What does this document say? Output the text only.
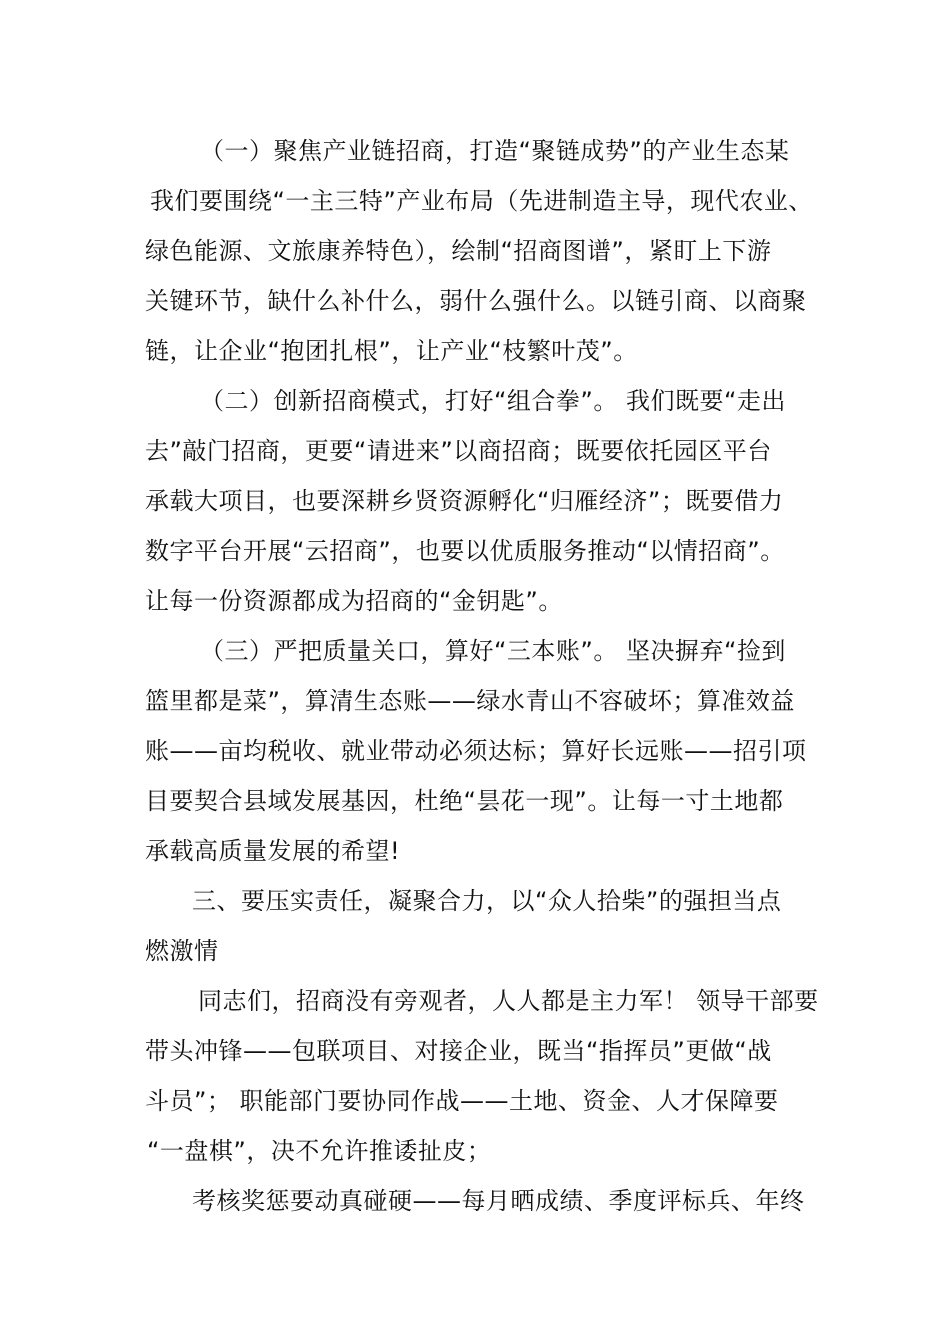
（一）聚焦产业链招商，打造“聚链成势”的产业生态某
我们要围绕“一主三特”产业布局（先进制造主导，现代农业、
绿色能源、文旅康养特色），绘制“招商图谱”，紧盯上下游
关键环节，缺什么补什么，弱什么强什么。以链引商、以商聚
链，让企业“抱团扎根”，让产业“枝繁叶茂”。
（二）创新招商模式，打好“组合拳”。 我们既要“走出
去”敲门招商，更要“请进来”以商招商；既要依托园区平台
承载大项目，也要深耕乡贤资源孵化“归雁经济”；既要借力
数字平台开展“云招商”，也要以优质服务推动“以情招商”。
让每一份资源都成为招商的“金钥匙”。
（三）严把质量关口，算好“三本账”。 坚决摒弃“捡到
篮里都是菜”，算清生态账——绿水青山不容破坏；算准效益
账——亩均税收、就业带动必须达标；算好长远账——招引项
目要契合县域发展基因，杜绝“昙花一现”。让每一寸土地都
承载高质量发展的希望!
三、要压实责任，凝聚合力，以“众人拾柴”的强担当点
燃激情
同志们，招商没有旁观者，人人都是主力军！ 领导干部要
带头冲锋——包联项目、对接企业，既当“指挥员”更做“战
斗员”； 职能部门要协同作战——土地、资金、人才保障要
“一盘棋”，决不允许推诿扯皮；
考核奖惩要动真碰硬——每月晒成绩、季度评标兵、年终
